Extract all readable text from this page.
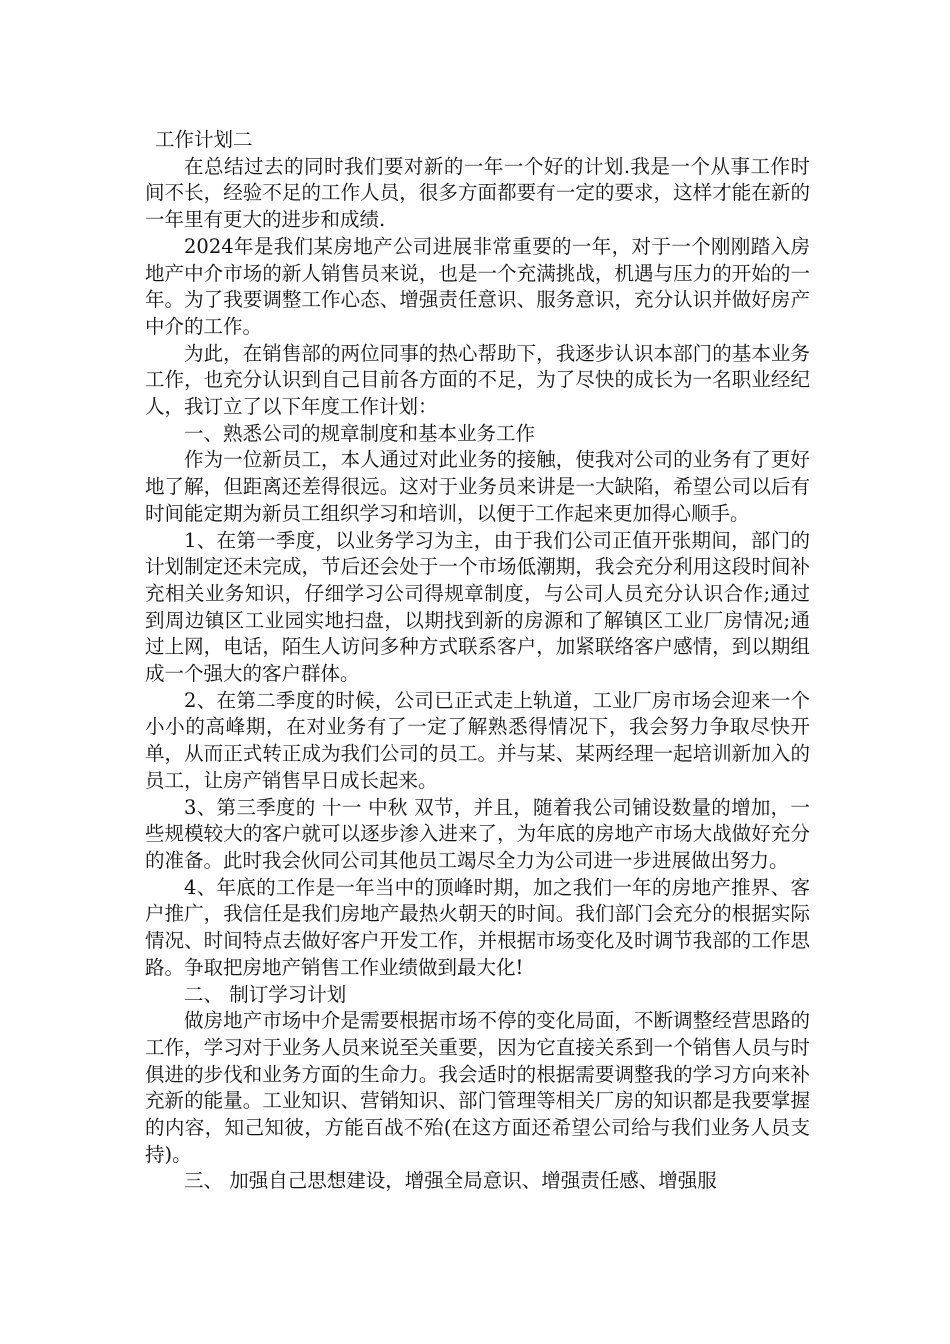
工作计划二

在总结过去的同时我们要对新的一年一个好的计划.我是一个从事工作时间不长，经验不足的工作人员，很多方面都要有一定的要求，这样才能在新的一年里有更大的进步和成绩.

2024年是我们某房地产公司进展非常重要的一年，对于一个刚刚踏入房地产中介市场的新人销售员来说，也是一个充满挑战，机遇与压力的开始的一年。为了我要调整工作心态、增强责任意识、服务意识，充分认识并做好房产中介的工作。

为此，在销售部的两位同事的热心帮助下，我逐步认识本部门的基本业务工作，也充分认识到自己目前各方面的不足，为了尽快的成长为一名职业经纪人，我订立了以下年度工作计划：

一、熟悉公司的规章制度和基本业务工作

作为一位新员工，本人通过对此业务的接触，使我对公司的业务有了更好地了解，但距离还差得很远。这对于业务员来讲是一大缺陷，希望公司以后有时间能定期为新员工组织学习和培训，以便于工作起来更加得心顺手。

1、在第一季度，以业务学习为主，由于我们公司正值开张期间，部门的计划制定还未完成，节后还会处于一个市场低潮期，我会充分利用这段时间补充相关业务知识，仔细学习公司得规章制度，与公司人员充分认识合作;通过到周边镇区工业园实地扫盘，以期找到新的房源和了解镇区工业厂房情况;通过上网，电话，陌生人访问多种方式联系客户，加紧联络客户感情，到以期组成一个强大的客户群体。

2、在第二季度的时候，公司已正式走上轨道，工业厂房市场会迎来一个小小的高峰期，在对业务有了一定了解熟悉得情况下，我会努力争取尽快开单，从而正式转正成为我们公司的员工。并与某、某两经理一起培训新加入的员工，让房产销售早日成长起来。

3、第三季度的 十一 中秋 双节，并且，随着我公司铺设数量的增加，一些规模较大的客户就可以逐步渗入进来了，为年底的房地产市场大战做好充分的准备。此时我会伙同公司其他员工竭尽全力为公司进一步进展做出努力。

4、年底的工作是一年当中的顶峰时期，加之我们一年的房地产推界、客户推广，我信任是我们房地产最热火朝天的时间。我们部门会充分的根据实际情况、时间特点去做好客户开发工作，并根据市场变化及时调节我部的工作思路。争取把房地产销售工作业绩做到最大化!

二、 制订学习计划

做房地产市场中介是需要根据市场不停的变化局面，不断调整经营思路的工作，学习对于业务人员来说至关重要，因为它直接关系到一个销售人员与时俱进的步伐和业务方面的生命力。我会适时的根据需要调整我的学习方向来补充新的能量。工业知识、营销知识、部门管理等相关厂房的知识都是我要掌握的内容，知己知彼，方能百战不殆(在这方面还希望公司给与我们业务人员支持)。

三、 加强自己思想建设，增强全局意识、增强责任感、增强服
